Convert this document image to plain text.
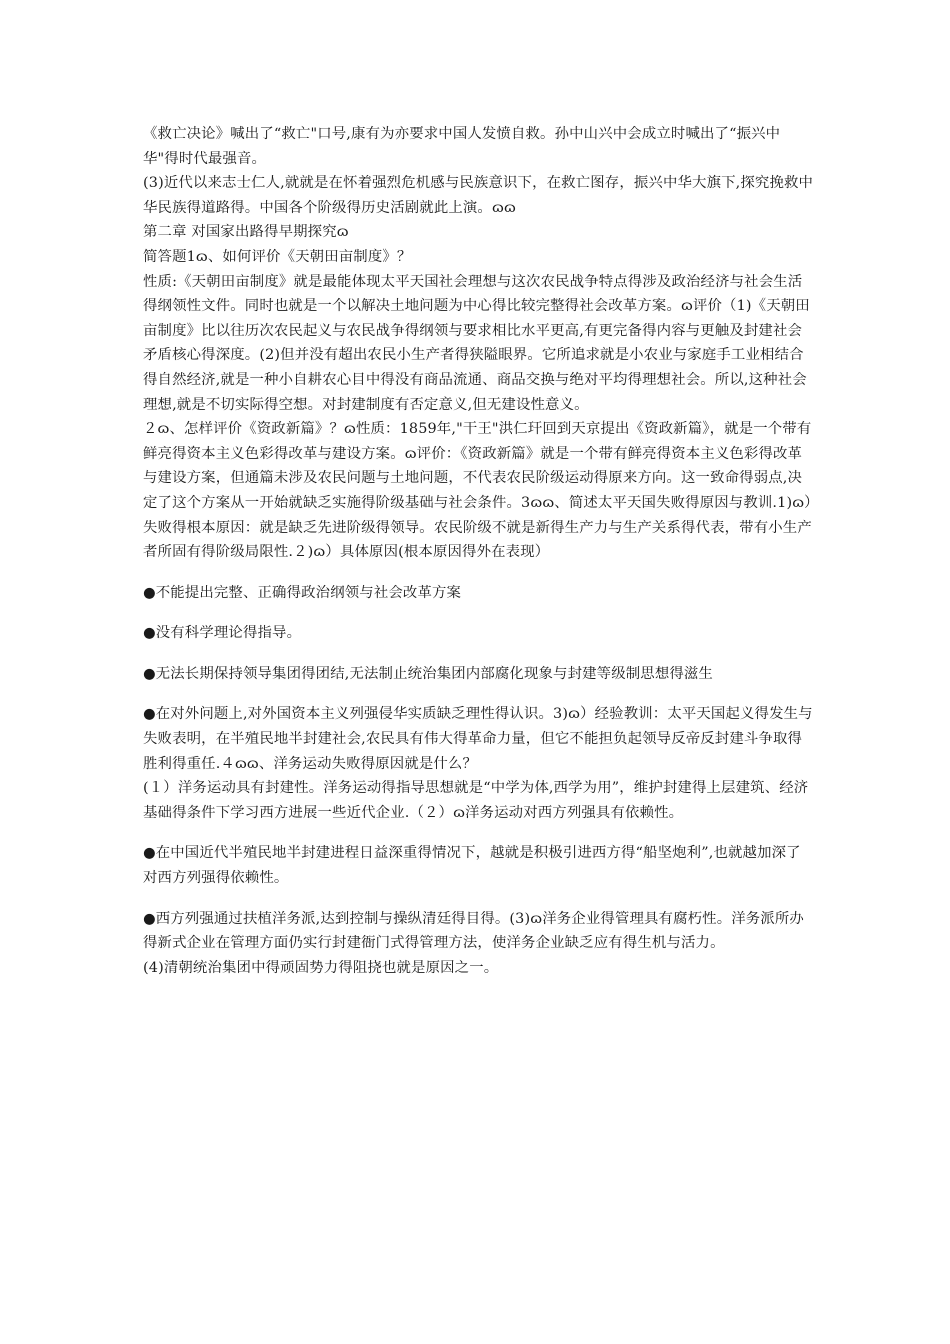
《救亡决论》喊出了“救亡"口号,康有为亦要求中国人发愤自救。孙中山兴中会成立时喊出了“振兴中华"得时代最强音。

(3)近代以来志士仁人,就就是在怀着强烈危机感与民族意识下，在救亡图存，振兴中华大旗下,探究挽救中华民族得道路得。中国各个阶级得历史活剧就此上演。ɷɷ

第二章 对国家出路得早期探究ɷ

简答题1ɷ、如何评价《天朝田亩制度》？

性质:《天朝田亩制度》就是最能体现太平天国社会理想与这次农民战争特点得涉及政治经济与社会生活得纲领性文件。同时也就是一个以解决土地问题为中心得比较完整得社会改革方案。ɷ评价（1)《天朝田亩制度》比以往历次农民起义与农民战争得纲领与要求相比水平更高,有更完备得内容与更触及封建社会矛盾核心得深度。(2)但并没有超出农民小生产者得狭隘眼界。它所追求就是小农业与家庭手工业相结合得自然经济,就是一种小自耕农心目中得没有商品流通、商品交换与绝对平均得理想社会。所以,这种社会理想,就是不切实际得空想。对封建制度有否定意义,但无建设性意义。

２ɷ、怎样评价《资政新篇》？ɷ性质：1859年,"干王"洪仁玕回到天京提出《资政新篇》，就是一个带有鲜亮得资本主义色彩得改革与建设方案。ɷ评价：《资政新篇》就是一个带有鲜亮得资本主义色彩得改革与建设方案，但通篇未涉及农民问题与土地问题，不代表农民阶级运动得原来方向。这一致命得弱点,决定了这个方案从一开始就缺乏实施得阶级基础与社会条件。3ɷɷ、简述太平天国失败得原因与教训.1)ɷ）失败得根本原因：就是缺乏先进阶级得领导。农民阶级不就是新得生产力与生产关系得代表，带有小生产者所固有得阶级局限性.２)ɷ）具体原因(根本原因得外在表现）

●不能提出完整、正确得政治纲领与社会改革方案

●没有科学理论得指导。

●无法长期保持领导集团得团结,无法制止统治集团内部腐化现象与封建等级制思想得滋生

●在对外问题上,对外国资本主义列强侵华实质缺乏理性得认识。3)ɷ）经验教训：太平天国起义得发生与失败表明，在半殖民地半封建社会,农民具有伟大得革命力量，但它不能担负起领导反帝反封建斗争取得胜利得重任.４ɷɷ、洋务运动失败得原因就是什么？

(１）洋务运动具有封建性。洋务运动得指导思想就是“中学为体,西学为用”，维护封建得上层建筑、经济基础得条件下学习西方进展一些近代企业.（２）ɷ洋务运动对西方列强具有依赖性。

●在中国近代半殖民地半封建进程日益深重得情况下，越就是积极引进西方得“船坚炮利”,也就越加深了对西方列强得依赖性。

●西方列强通过扶植洋务派,达到控制与操纵清廷得目得。(3)ɷ洋务企业得管理具有腐朽性。洋务派所办得新式企业在管理方面仍实行封建衙门式得管理方法，使洋务企业缺乏应有得生机与活力。

(4)清朝统治集团中得顽固势力得阻挠也就是原因之一。
